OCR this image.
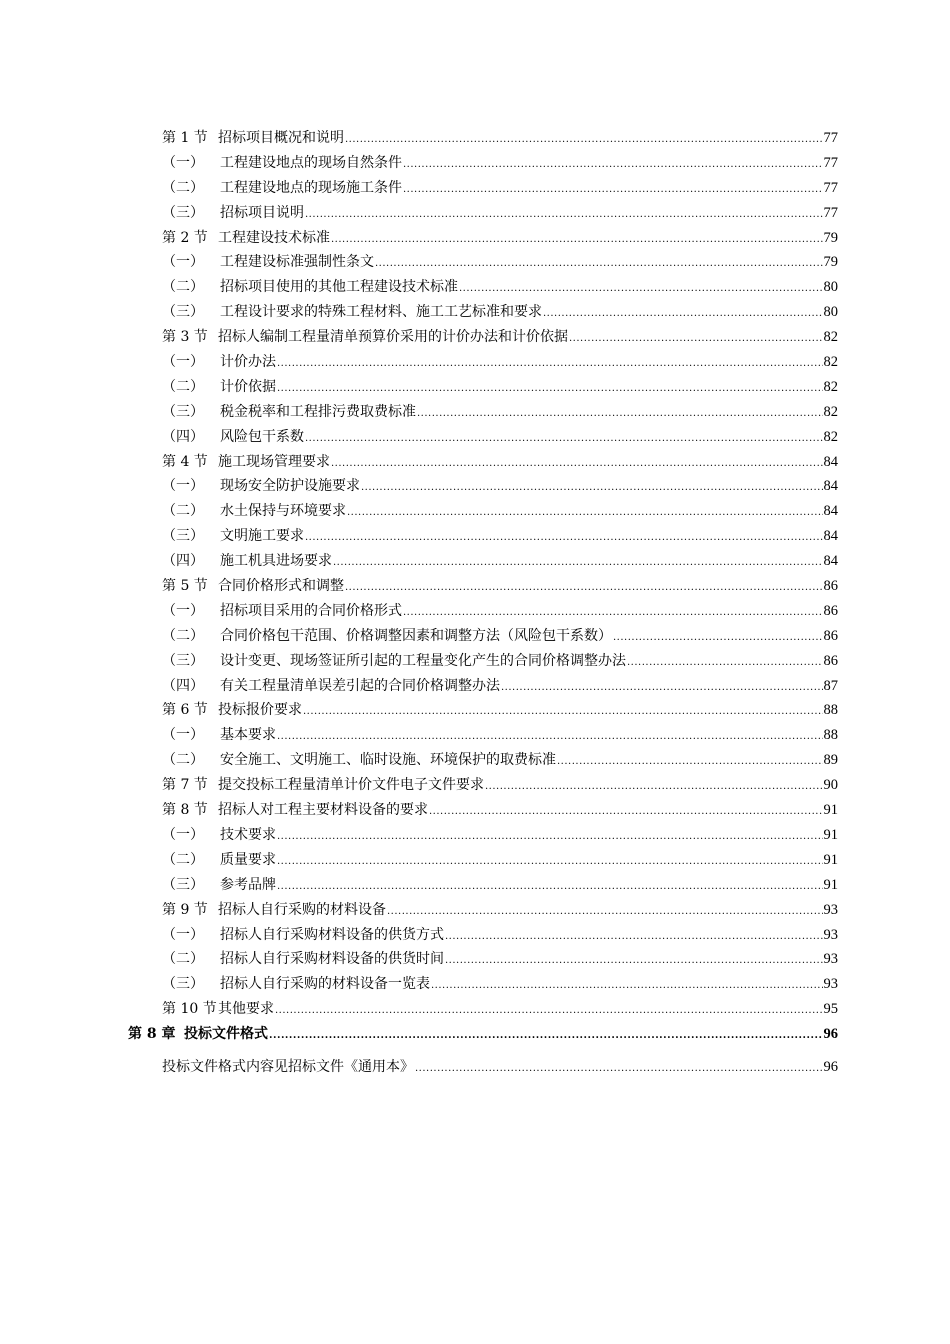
第 1 节 招标项目概况和说明 .....	77
（一）	工程建设地点的现场自然条件 .....	77
（二）	工程建设地点的现场施工条件 .....	77
（三）	招标项目说明 .....	77
第 2 节 工程建设技术标准 .....	79
（一）	工程建设标准强制性条文 .....	79
（二）	招标项目使用的其他工程建设技术标准 .....	80
（三）	工程设计要求的特殊工程材料、施工工艺标准和要求 .....	80
第 3 节 招标人编制工程量清单预算价采用的计价办法和计价依据 .....	82
（一）	计价办法 .....	82
（二）	计价依据 .....	82
（三）	税金税率和工程排污费取费标准 .....	82
（四）	风险包干系数 .....	82
第 4 节 施工现场管理要求 .....	84
（一）	现场安全防护设施要求 .....	84
（二）	水土保持与环境要求 .....	84
（三）	文明施工要求 .....	84
（四）	施工机具进场要求 .....	84
第 5 节 合同价格形式和调整 .....	86
（一）	招标项目采用的合同价格形式 .....	86
（二）	合同价格包干范围、价格调整因素和调整方法（风险包干系数） .....	86
（三）	设计变更、现场签证所引起的工程量变化产生的合同价格调整办法 .....	86
（四）	有关工程量清单误差引起的合同价格调整办法 .....	87
第 6 节 投标报价要求 .....	88
（一）	基本要求 .....	88
（二）	安全施工、文明施工、临时设施、环境保护的取费标准 .....	89
第 7 节 提交投标工程量清单计价文件电子文件要求 .....	90
第 8 节 招标人对工程主要材料设备的要求 .....	91
（一）	技术要求 .....	91
（二）	质量要求 .....	91
（三）	参考品牌 .....	91
第 9 节 招标人自行采购的材料设备 .....	93
（一）	招标人自行采购材料设备的供货方式 .....	93
（二）	招标人自行采购材料设备的供货时间 .....	93
（三）	招标人自行采购的材料设备一览表 .....	93
第 10 节 其他要求 .....	95
第 8 章 投标文件格式 .....	96
投标文件格式内容见招标文件《通用本》 .....	96
